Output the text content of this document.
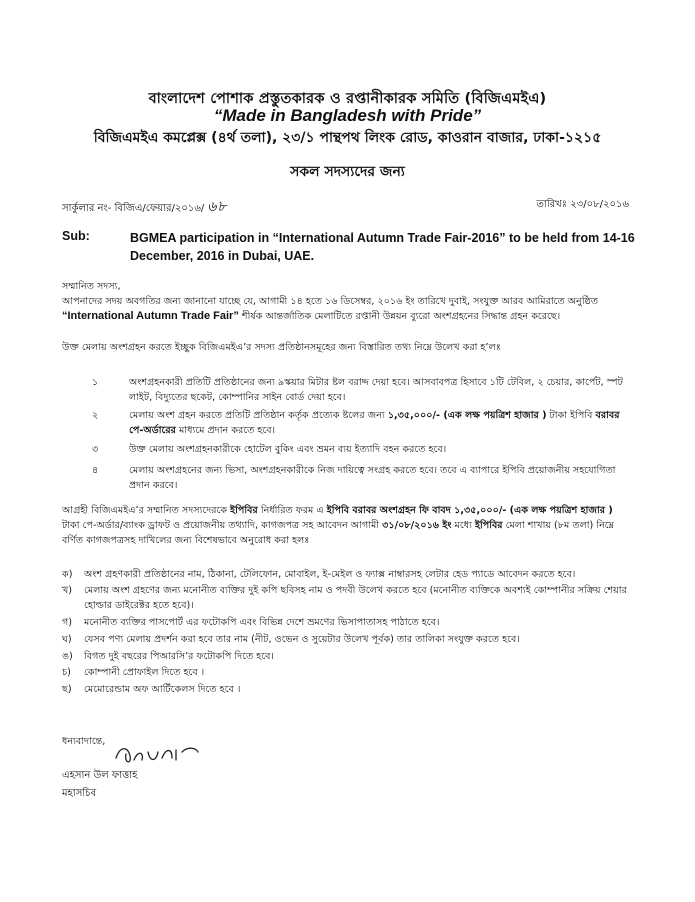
বাংলাদেশ পোশাক প্রস্তুতকারক ও রপ্তানীকারক সমিতি (বিজিএমইএ)
“Made in Bangladesh with Pride”
বিজিএমইএ কমপ্লেক্স (৪র্থ তলা), ২৩/১ পান্থপথ লিংক রোড, কাওরান বাজার, ঢাকা-১২১৫
সকল সদস্যদের জন্য
সার্কুলার নং- বিজিএ/ফেয়ার/২০১৬/ ৬৮	তারিখঃ ২৩/০৮/২০১৬
Sub:	BGMEA participation in “International Autumn Trade Fair-2016” to be held from 14-16 December, 2016 in Dubai, UAE.
সম্মানিত সদস্য,
আপনাদের সদয় অবগতির জন্য জানানো যাচ্ছে যে, আগামী ১৪ হতে ১৬ ডিসেম্বর, ২০১৬ ইং তারিখে দুবাই, সংযুক্ত আরব আমিরাতে অনুষ্ঠিত
“International Autumn Trade Fair” শীর্ষক আন্তর্জাতিক মেলাটিতে রপ্তানী উন্নয়ন ব্যুরো অংশগ্রহনের সিদ্ধান্ত গ্রহন করেছে।
উক্ত মেলায় অংশগ্রহন করতে ইচ্ছুক বিজিএমইএ’র সদস্য প্রতিষ্ঠানসমূহের জন্য বিস্তারিত তথ্য নিম্নে উলেখ করা হ’লঃ
১	অংশগ্রহনকারী প্রতিটি প্রতিষ্ঠানের জন্য ৯স্কয়ার মিটার ষ্টল বরাদ্দ দেয়া হবে। আসবাবপত্র হিসাবে ১টি টেবিল, ২ চেয়ার, কার্পেট, স্পট লাইট, বিদ্যুতের ছকেট, কোম্পানির সাইন বোর্ড দেয়া হবে।
২	মেলায় অংশ গ্রহন করতে প্রতিটি প্রতিষ্ঠান কর্তৃক প্রত্যেক ষ্টলের জন্য ১,৩৫,০০০/- (এক লক্ষ পয়ত্রিশ হাজার ) টাকা ইপিবি বরাবর পে-অর্ডারের মাধ্যমে প্রদান করতে হবে।
৩	উক্ত মেলায় অংশগ্রহনকারীকে হোটেল বুকিং এবং ভ্রমন ব্যয় ইত্যাদি বহন করতে হবে।
৪	মেলায় অংশগ্রহনের জন্য ভিসা, অংশগ্রহনকারীকে নিজ দায়িত্বে সংগ্রহ করতে হবে। তবে এ ব্যাপারে ইপিবি প্রয়োজনীয় সহযোগিতা প্রদান করবে।
আগ্রহী বিজিএমইএ’র সম্মানিত সদস্যদেরকে ইপিবির নির্ধারিত ফরম এ ইপিবি বরাবর অংশগ্রহন ফি বাবদ ১,৩৫,০০০/- (এক লক্ষ পয়ত্রিশ হাজার ) টাকা পে-অর্ডার/ব্যাংক ড্রাফট ও প্রয়োজনীয় তথ্যাদি, কাগজপত্র সহ আবেদন আগামী ৩১/০৮/২০১৬ ইং মধ্যে ইপিবির মেলা শাখায় (৮ম তলা) নিম্নে বর্ণিত কাগজপত্রসহ দাখিলের জন্য বিশেষভাবে অনুরোধ করা হলঃ
ক)	অংশ গ্রহণকারী প্রতিষ্ঠানের নাম, ঠিকানা, টেলিফোন, মোবাইল, ই-মেইল ও ফ্যাক্স নাম্বারসহ লেটার হেড প্যাডে আবেদন করতে হবে।
খ)	মেলায় অংশ গ্রহণের জন্য মনোনীত ব্যক্তির দুই কপি ছবিসহ নাম ও পদবী উলেখ করতে হবে (মনোনীত ব্যক্তিকে অবশ্যই কোম্পানীর সক্রিয় শেয়ার হোল্ডার ডাইরেক্টর হতে হবে)।
গ)	মনোনীত ব্যক্তির পাসপোর্ট এর ফটোকপি এবং বিভিন্ন দেশে ভ্রমণের ভিসাপাতাসহ পাঠাতে হবে।
ঘ)	যেসব পণ্য মেলায় প্রদর্শন করা হবে তার নাম (নীট, ওভেন ও সুয়েটার উলেখ পূর্বক) তার তালিকা সংযুক্ত করতে হবে।
ঙ)	বিগত দুই বছরের পিআরসি’র ফটোকপি দিতে হবে।
চ)	কোম্পানী প্রোফাইল দিতে হবে ।
ছ)	মেমোরেন্ডাম অফ আর্টিকেলস দিতে হবে ।
ধন্যবাদান্তে,
এহসান উল ফাত্তাহ
মহাসচিব
